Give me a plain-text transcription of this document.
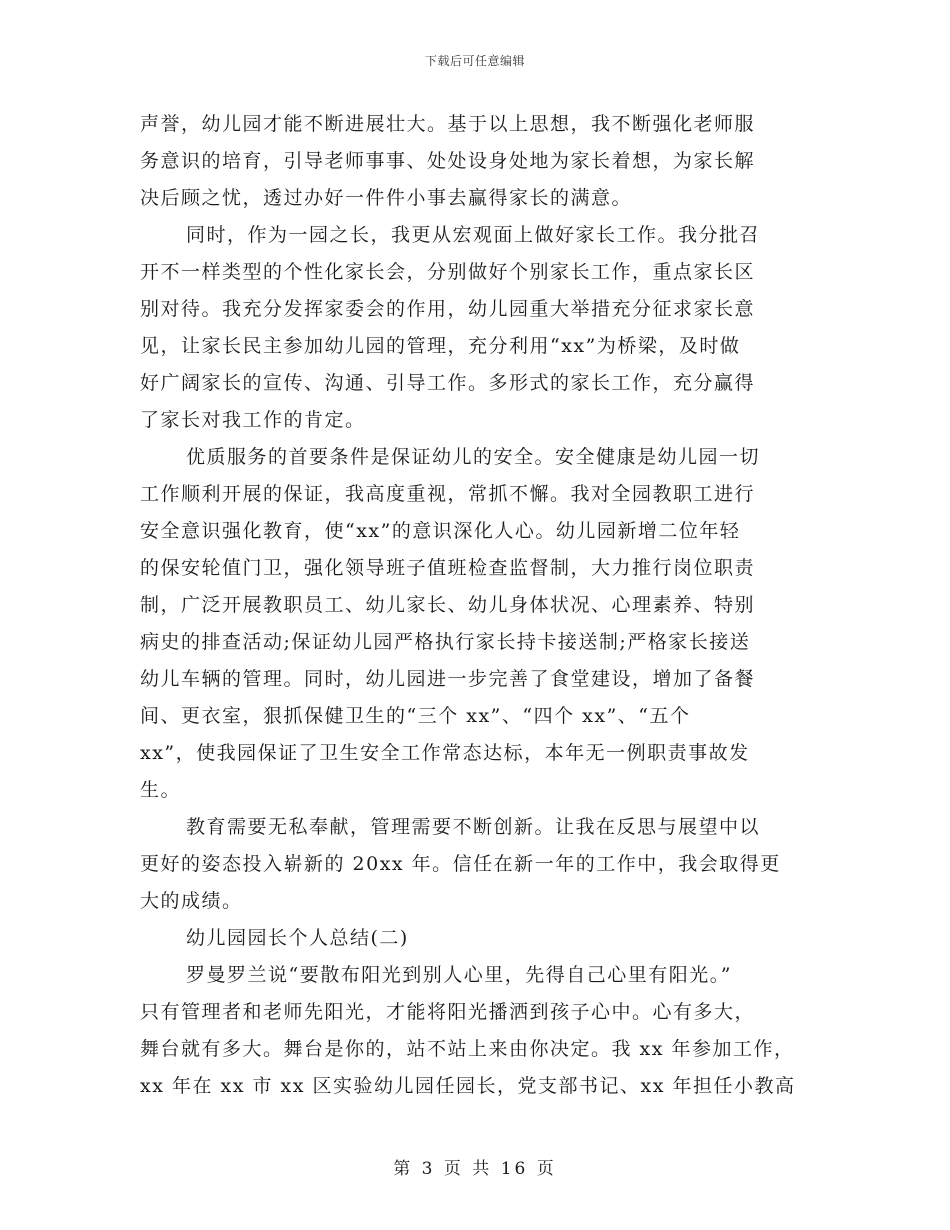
下载后可任意编辑
声誉，幼儿园才能不断进展壮大。基于以上思想，我不断强化老师服
务意识的培育，引导老师事事、处处设身处地为家长着想，为家长解
决后顾之忧，透过办好一件件小事去赢得家长的满意。
同时，作为一园之长，我更从宏观面上做好家长工作。我分批召
开不一样类型的个性化家长会，分别做好个别家长工作，重点家长区
别对待。我充分发挥家委会的作用，幼儿园重大举措充分征求家长意
见，让家长民主参加幼儿园的管理，充分利用“xx”为桥梁，及时做
好广阔家长的宣传、沟通、引导工作。多形式的家长工作，充分赢得
了家长对我工作的肯定。
优质服务的首要条件是保证幼儿的安全。安全健康是幼儿园一切
工作顺利开展的保证，我高度重视，常抓不懈。我对全园教职工进行
安全意识强化教育，使“xx”的意识深化人心。幼儿园新增二位年轻
的保安轮值门卫，强化领导班子值班检查监督制，大力推行岗位职责
制，广泛开展教职员工、幼儿家长、幼儿身体状况、心理素养、特别
病史的排查活动;保证幼儿园严格执行家长持卡接送制;严格家长接送
幼儿车辆的管理。同时，幼儿园进一步完善了食堂建设，增加了备餐
间、更衣室，狠抓保健卫生的“三个 xx”、“四个 xx”、“五个
xx”，使我园保证了卫生安全工作常态达标，本年无一例职责事故发
生。
教育需要无私奉献，管理需要不断创新。让我在反思与展望中以
更好的姿态投入崭新的 20xx 年。信任在新一年的工作中，我会取得更
大的成绩。
幼儿园园长个人总结(二)
罗曼罗兰说“要散布阳光到别人心里，先得自己心里有阳光。”
只有管理者和老师先阳光，才能将阳光播洒到孩子心中。心有多大，
舞台就有多大。舞台是你的，站不站上来由你决定。我 xx 年参加工作，
xx 年在 xx 市 xx 区实验幼儿园任园长，党支部书记、xx 年担任小教高
第 3 页 共 16 页
